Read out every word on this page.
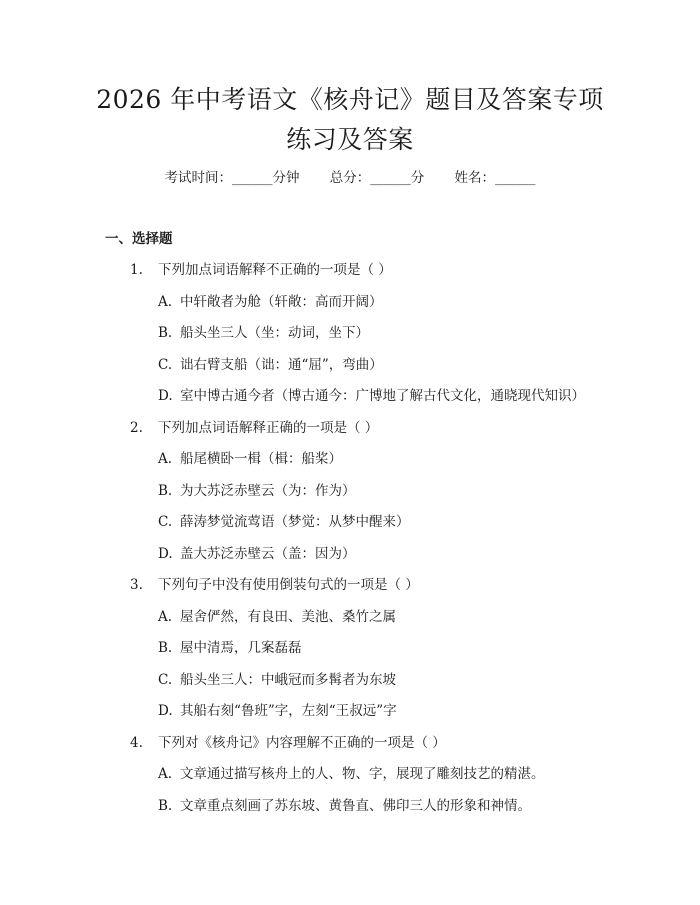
2026 年中考语文《核舟记》题目及答案专项
练习及答案
考试时间：______分钟 总分：______分 姓名：______
一、选择题
1. 下列加点词语解释不正确的一项是（ ）
A. 中轩敞者为舱（轩敞：高而开阔）
B. 船头坐三人（坐：动词，坐下）
C. 诎右臂支船（诎：通“屈”，弯曲）
D. 室中博古通今者（博古通今：广博地了解古代文化，通晓现代知识）
2. 下列加点词语解释正确的一项是（ ）
A. 船尾横卧一楫（楫：船桨）
B. 为大苏泛赤壁云（为：作为）
C. 薛涛梦觉流莺语（梦觉：从梦中醒来）
D. 盖大苏泛赤壁云（盖：因为）
3. 下列句子中没有使用倒装句式的一项是（ ）
A. 屋舍俨然，有良田、美池、桑竹之属
B. 屋中清焉，几案磊磊
C. 船头坐三人：中峨冠而多髯者为东坡
D. 其船右刻“鲁班”字，左刻“王叔远”字
4. 下列对《核舟记》内容理解不正确的一项是（ ）
A. 文章通过描写核舟上的人、物、字，展现了雕刻技艺的精湛。
B. 文章重点刻画了苏东坡、黄鲁直、佛印三人的形象和神情。
